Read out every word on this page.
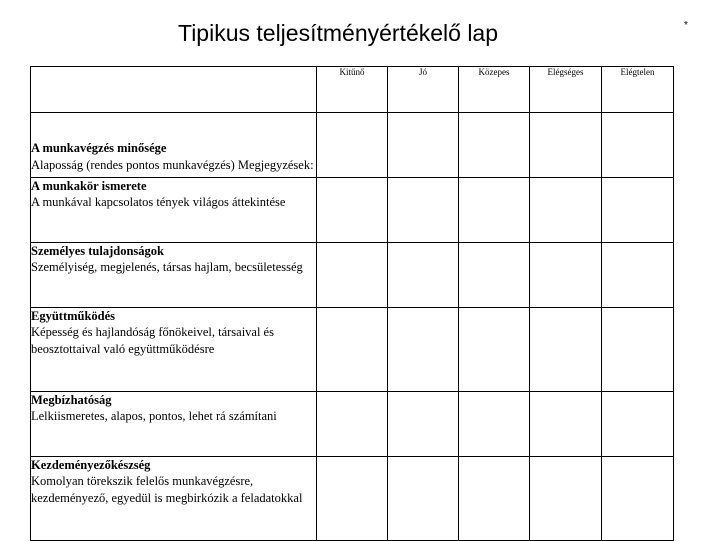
Tipikus teljesítményértékelő lap	*
	Kitűnő	Jó	Közepes	Elégséges	Elégtelen

A munkavégzés minősége
Alaposság (rendes pontos munkavégzés) Megjegyzések:					

A munkakör ismerete
A munkával kapcsolatos tények világos áttekintése					

Személyes tulajdonságok
Személyiség, megjelenés, társas hajlam, becsületesség					

Együttműködés
Képesség és hajlandóság főnökeivel, társaival és beosztottaival való együttműködésre					

Megbízhatóság
Lelkiismeretes, alapos, pontos, lehet rá számítani					

Kezdeményezőkészség
Komolyan törekszik felelős munkavégzésre, kezdeményező, egyedül is megbirkózik a feladatokkal					
